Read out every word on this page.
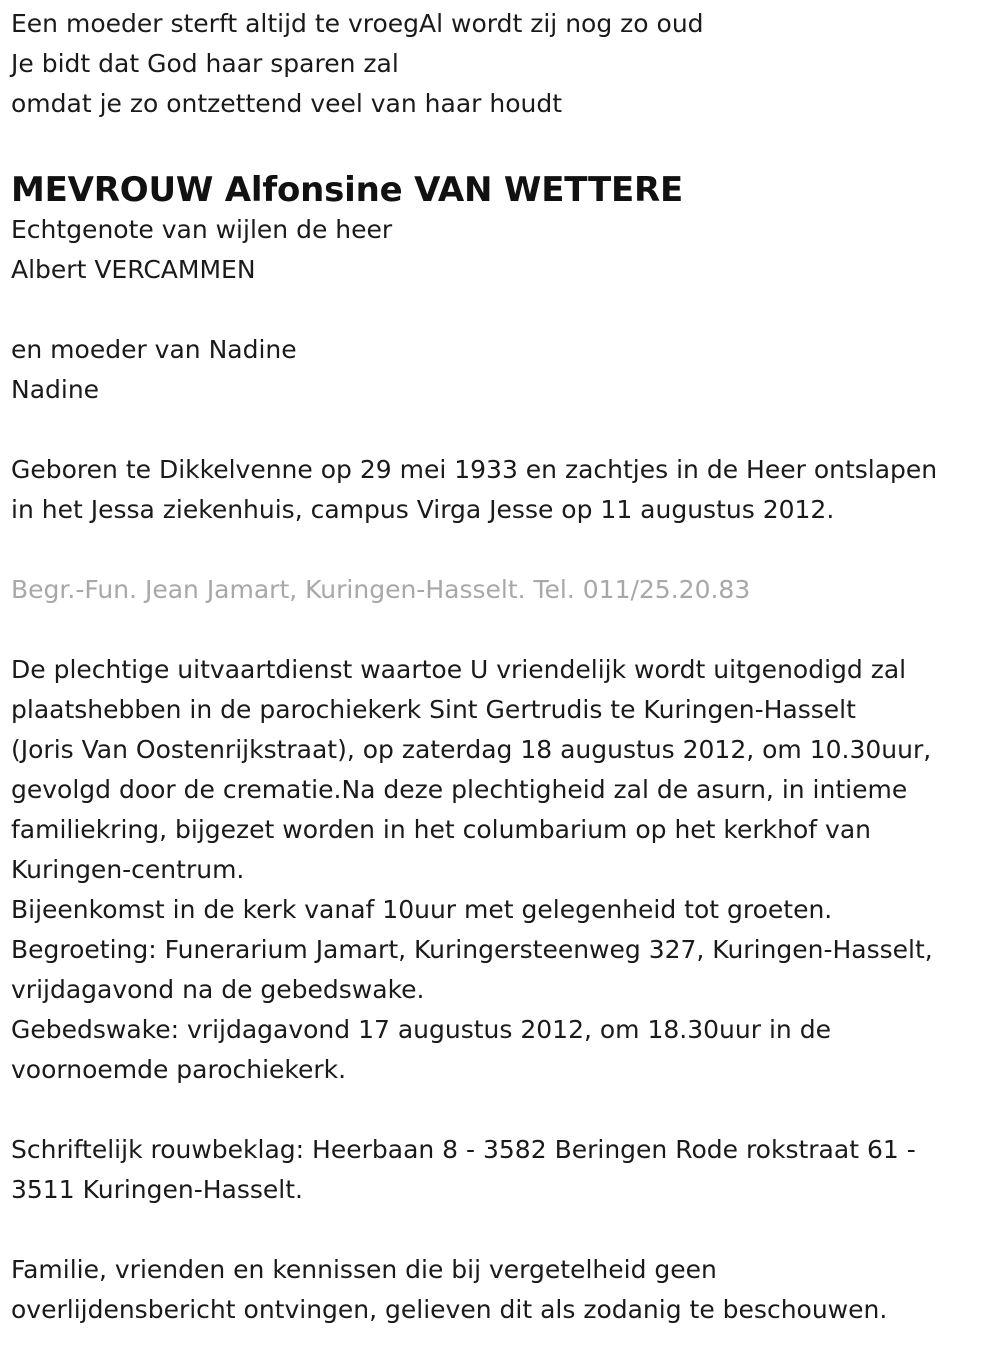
Een moeder sterft altijd te vroegAl wordt zij nog zo oud
Je bidt dat God haar sparen zal
omdat je zo ontzettend veel van haar houdt
MEVROUW Alfonsine VAN WETTERE
Echtgenote van wijlen de heer
Albert VERCAMMEN
en moeder van Nadine
Nadine
Geboren te Dikkelvenne op 29 mei 1933 en zachtjes in de Heer ontslapen
in het Jessa ziekenhuis, campus Virga Jesse op 11 augustus 2012.
Begr.-Fun. Jean Jamart, Kuringen-Hasselt. Tel. 011/25.20.83
De plechtige uitvaartdienst waartoe U vriendelijk wordt uitgenodigd zal
plaatshebben in de parochiekerk Sint Gertrudis te Kuringen-Hasselt
(Joris Van Oostenrijkstraat), op zaterdag 18 augustus 2012, om 10.30uur,
gevolgd door de crematie.Na deze plechtigheid zal de asurn, in intieme
familiekring, bijgezet worden in het columbarium op het kerkhof van
Kuringen-centrum.
Bijeenkomst in de kerk vanaf 10uur met gelegenheid tot groeten.
Begroeting: Funerarium Jamart, Kuringersteenweg 327, Kuringen-Hasselt,
vrijdagavond na de gebedswake.
Gebedswake: vrijdagavond 17 augustus 2012, om 18.30uur in de
voornoemde parochiekerk.
Schriftelijk rouwbeklag: Heerbaan 8 - 3582 Beringen Rode rokstraat 61 -
3511 Kuringen-Hasselt.
Familie, vrienden en kennissen die bij vergetelheid geen
overlijdensbericht ontvingen, gelieven dit als zodanig te beschouwen.
